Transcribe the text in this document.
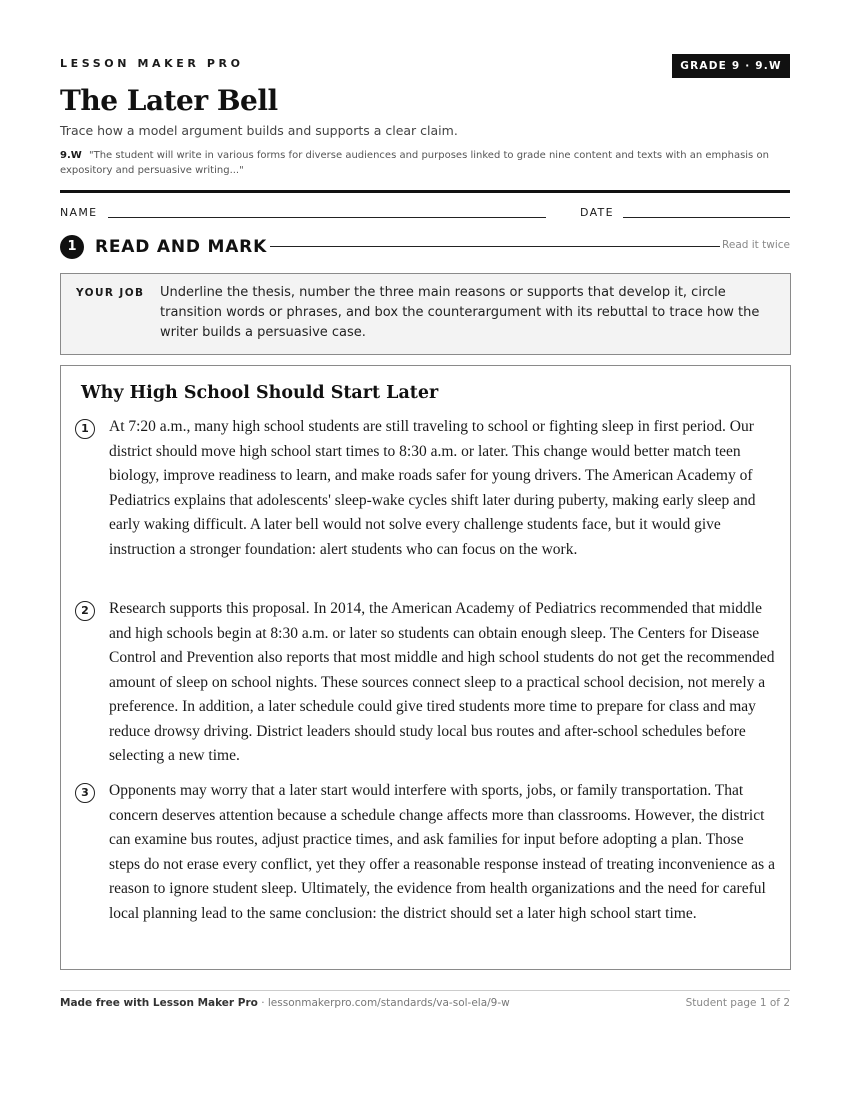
LESSON MAKER PRO	GRADE 9 · 9.W
The Later Bell
Trace how a model argument builds and supports a clear claim.
9.W "The student will write in various forms for diverse audiences and purposes linked to grade nine content and texts with an emphasis on expository and persuasive writing..."
NAME	DATE
1	READ AND MARK	Read it twice
YOUR JOB Underline the thesis, number the three main reasons or supports that develop it, circle transition words or phrases, and box the counterargument with its rebuttal to trace how the writer builds a persuasive case.
Why High School Should Start Later
1	At 7:20 a.m., many high school students are still traveling to school or fighting sleep in first period. Our district should move high school start times to 8:30 a.m. or later. This change would better match teen biology, improve readiness to learn, and make roads safer for young drivers. The American Academy of Pediatrics explains that adolescents' sleep-wake cycles shift later during puberty, making early sleep and early waking difficult. A later bell would not solve every challenge students face, but it would give instruction a stronger foundation: alert students who can focus on the work.
2	Research supports this proposal. In 2014, the American Academy of Pediatrics recommended that middle and high schools begin at 8:30 a.m. or later so students can obtain enough sleep. The Centers for Disease Control and Prevention also reports that most middle and high school students do not get the recommended amount of sleep on school nights. These sources connect sleep to a practical school decision, not merely a preference. In addition, a later schedule could give tired students more time to prepare for class and may reduce drowsy driving. District leaders should study local bus routes and after-school schedules before selecting a new time.
3	Opponents may worry that a later start would interfere with sports, jobs, or family transportation. That concern deserves attention because a schedule change affects more than classrooms. However, the district can examine bus routes, adjust practice times, and ask families for input before adopting a plan. Those steps do not erase every conflict, yet they offer a reasonable response instead of treating inconvenience as a reason to ignore student sleep. Ultimately, the evidence from health organizations and the need for careful local planning lead to the same conclusion: the district should set a later high school start time.
Made free with Lesson Maker Pro · lessonmakerpro.com/standards/va-sol-ela/9-w	Student page 1 of 2
